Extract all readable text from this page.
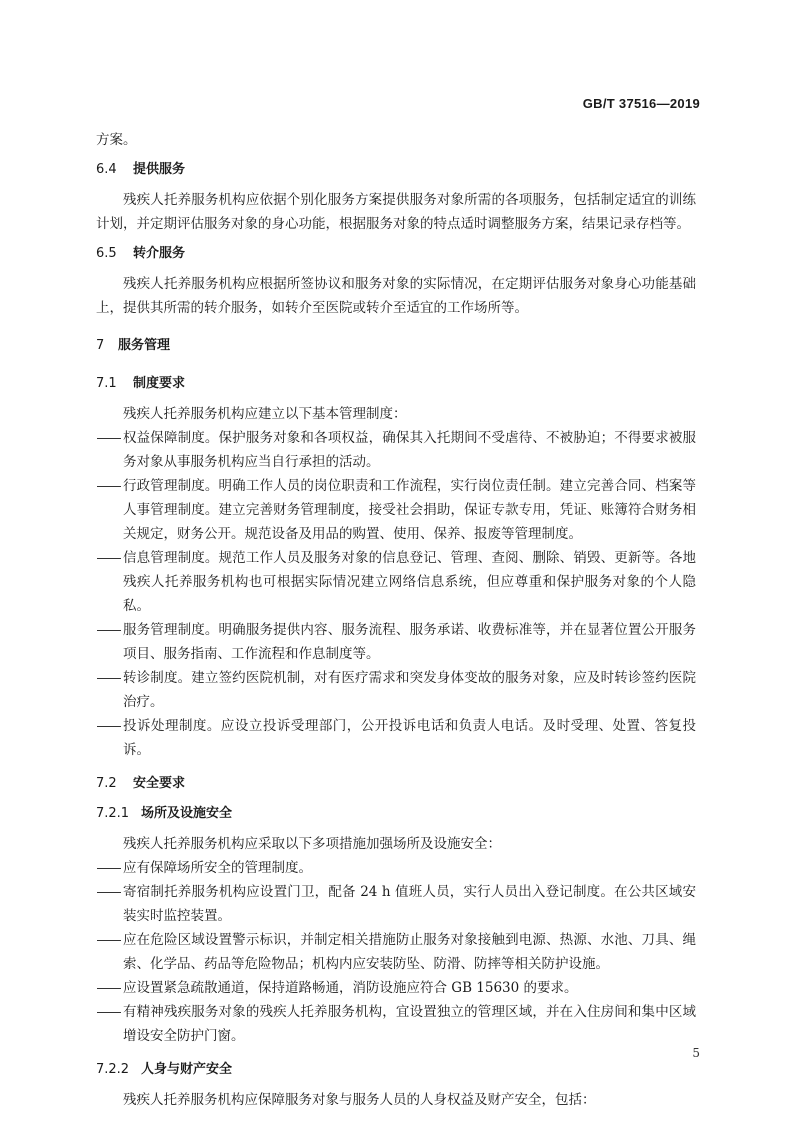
GB/T 37516—2019

方案。

6.4 提供服务

残疾人托养服务机构应依据个别化服务方案提供服务对象所需的各项服务，包括制定适宜的训练计划，并定期评估服务对象的身心功能，根据服务对象的特点适时调整服务方案，结果记录存档等。

6.5 转介服务

残疾人托养服务机构应根据所签协议和服务对象的实际情况，在定期评估服务对象身心功能基础上，提供其所需的转介服务，如转介至医院或转介至适宜的工作场所等。

7 服务管理
7.1 制度要求

残疾人托养服务机构应建立以下基本管理制度：

权益保障制度。保护服务对象和各项权益，确保其入托期间不受虐待、不被胁迫；不得要求被服务对象从事服务机构应当自行承担的活动。
行政管理制度。明确工作人员的岗位职责和工作流程，实行岗位责任制。建立完善合同、档案等人事管理制度。建立完善财务管理制度，接受社会捐助，保证专款专用，凭证、账簿符合财务相关规定，财务公开。规范设备及用品的购置、使用、保养、报废等管理制度。
信息管理制度。规范工作人员及服务对象的信息登记、管理、查阅、删除、销毁、更新等。各地残疾人托养服务机构也可根据实际情况建立网络信息系统，但应尊重和保护服务对象的个人隐私。
服务管理制度。明确服务提供内容、服务流程、服务承诺、收费标准等，并在显著位置公开服务项目、服务指南、工作流程和作息制度等。
转诊制度。建立签约医院机制，对有医疗需求和突发身体变故的服务对象，应及时转诊签约医院治疗。
投诉处理制度。应设立投诉受理部门，公开投诉电话和负责人电话。及时受理、处置、答复投诉。
7.2 安全要求
7.2.1 场所及设施安全

残疾人托养服务机构应采取以下多项措施加强场所及设施安全：

应有保障场所安全的管理制度。
寄宿制托养服务机构应设置门卫，配备 24 h 值班人员，实行人员出入登记制度。在公共区域安装实时监控装置。
应在危险区域设置警示标识，并制定相关措施防止服务对象接触到电源、热源、水池、刀具、绳索、化学品、药品等危险物品；机构内应安装防坠、防滑、防摔等相关防护设施。
应设置紧急疏散通道，保持道路畅通，消防设施应符合 GB 15630 的要求。
有精神残疾服务对象的残疾人托养服务机构，宜设置独立的管理区域，并在入住房间和集中区域增设安全防护门窗。
7.2.2 人身与财产安全

残疾人托养服务机构应保障服务对象与服务人员的人身权益及财产安全，包括：

5
